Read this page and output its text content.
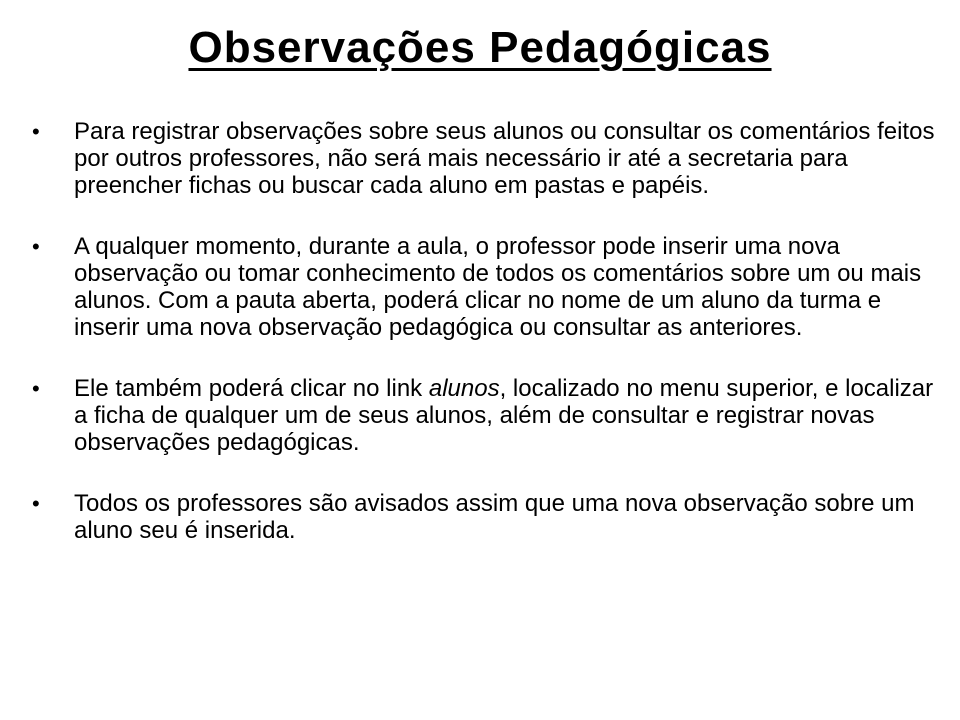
Observações Pedagógicas
• Para registrar observações sobre seus alunos ou consultar os comentários feitos por outros professores, não será mais necessário ir até a secretaria para preencher fichas ou buscar cada aluno em pastas e papéis.
• A qualquer momento, durante a aula, o professor pode inserir uma nova observação ou tomar conhecimento de todos os comentários sobre um ou mais alunos. Com a pauta aberta, poderá clicar no nome de um aluno da turma e inserir uma nova observação pedagógica ou consultar as anteriores.
• Ele também poderá clicar no link alunos, localizado no menu superior, e localizar a ficha de qualquer um de seus alunos, além de consultar e registrar novas observações pedagógicas.
• Todos os professores são avisados assim que uma nova observação sobre um aluno seu é inserida.
